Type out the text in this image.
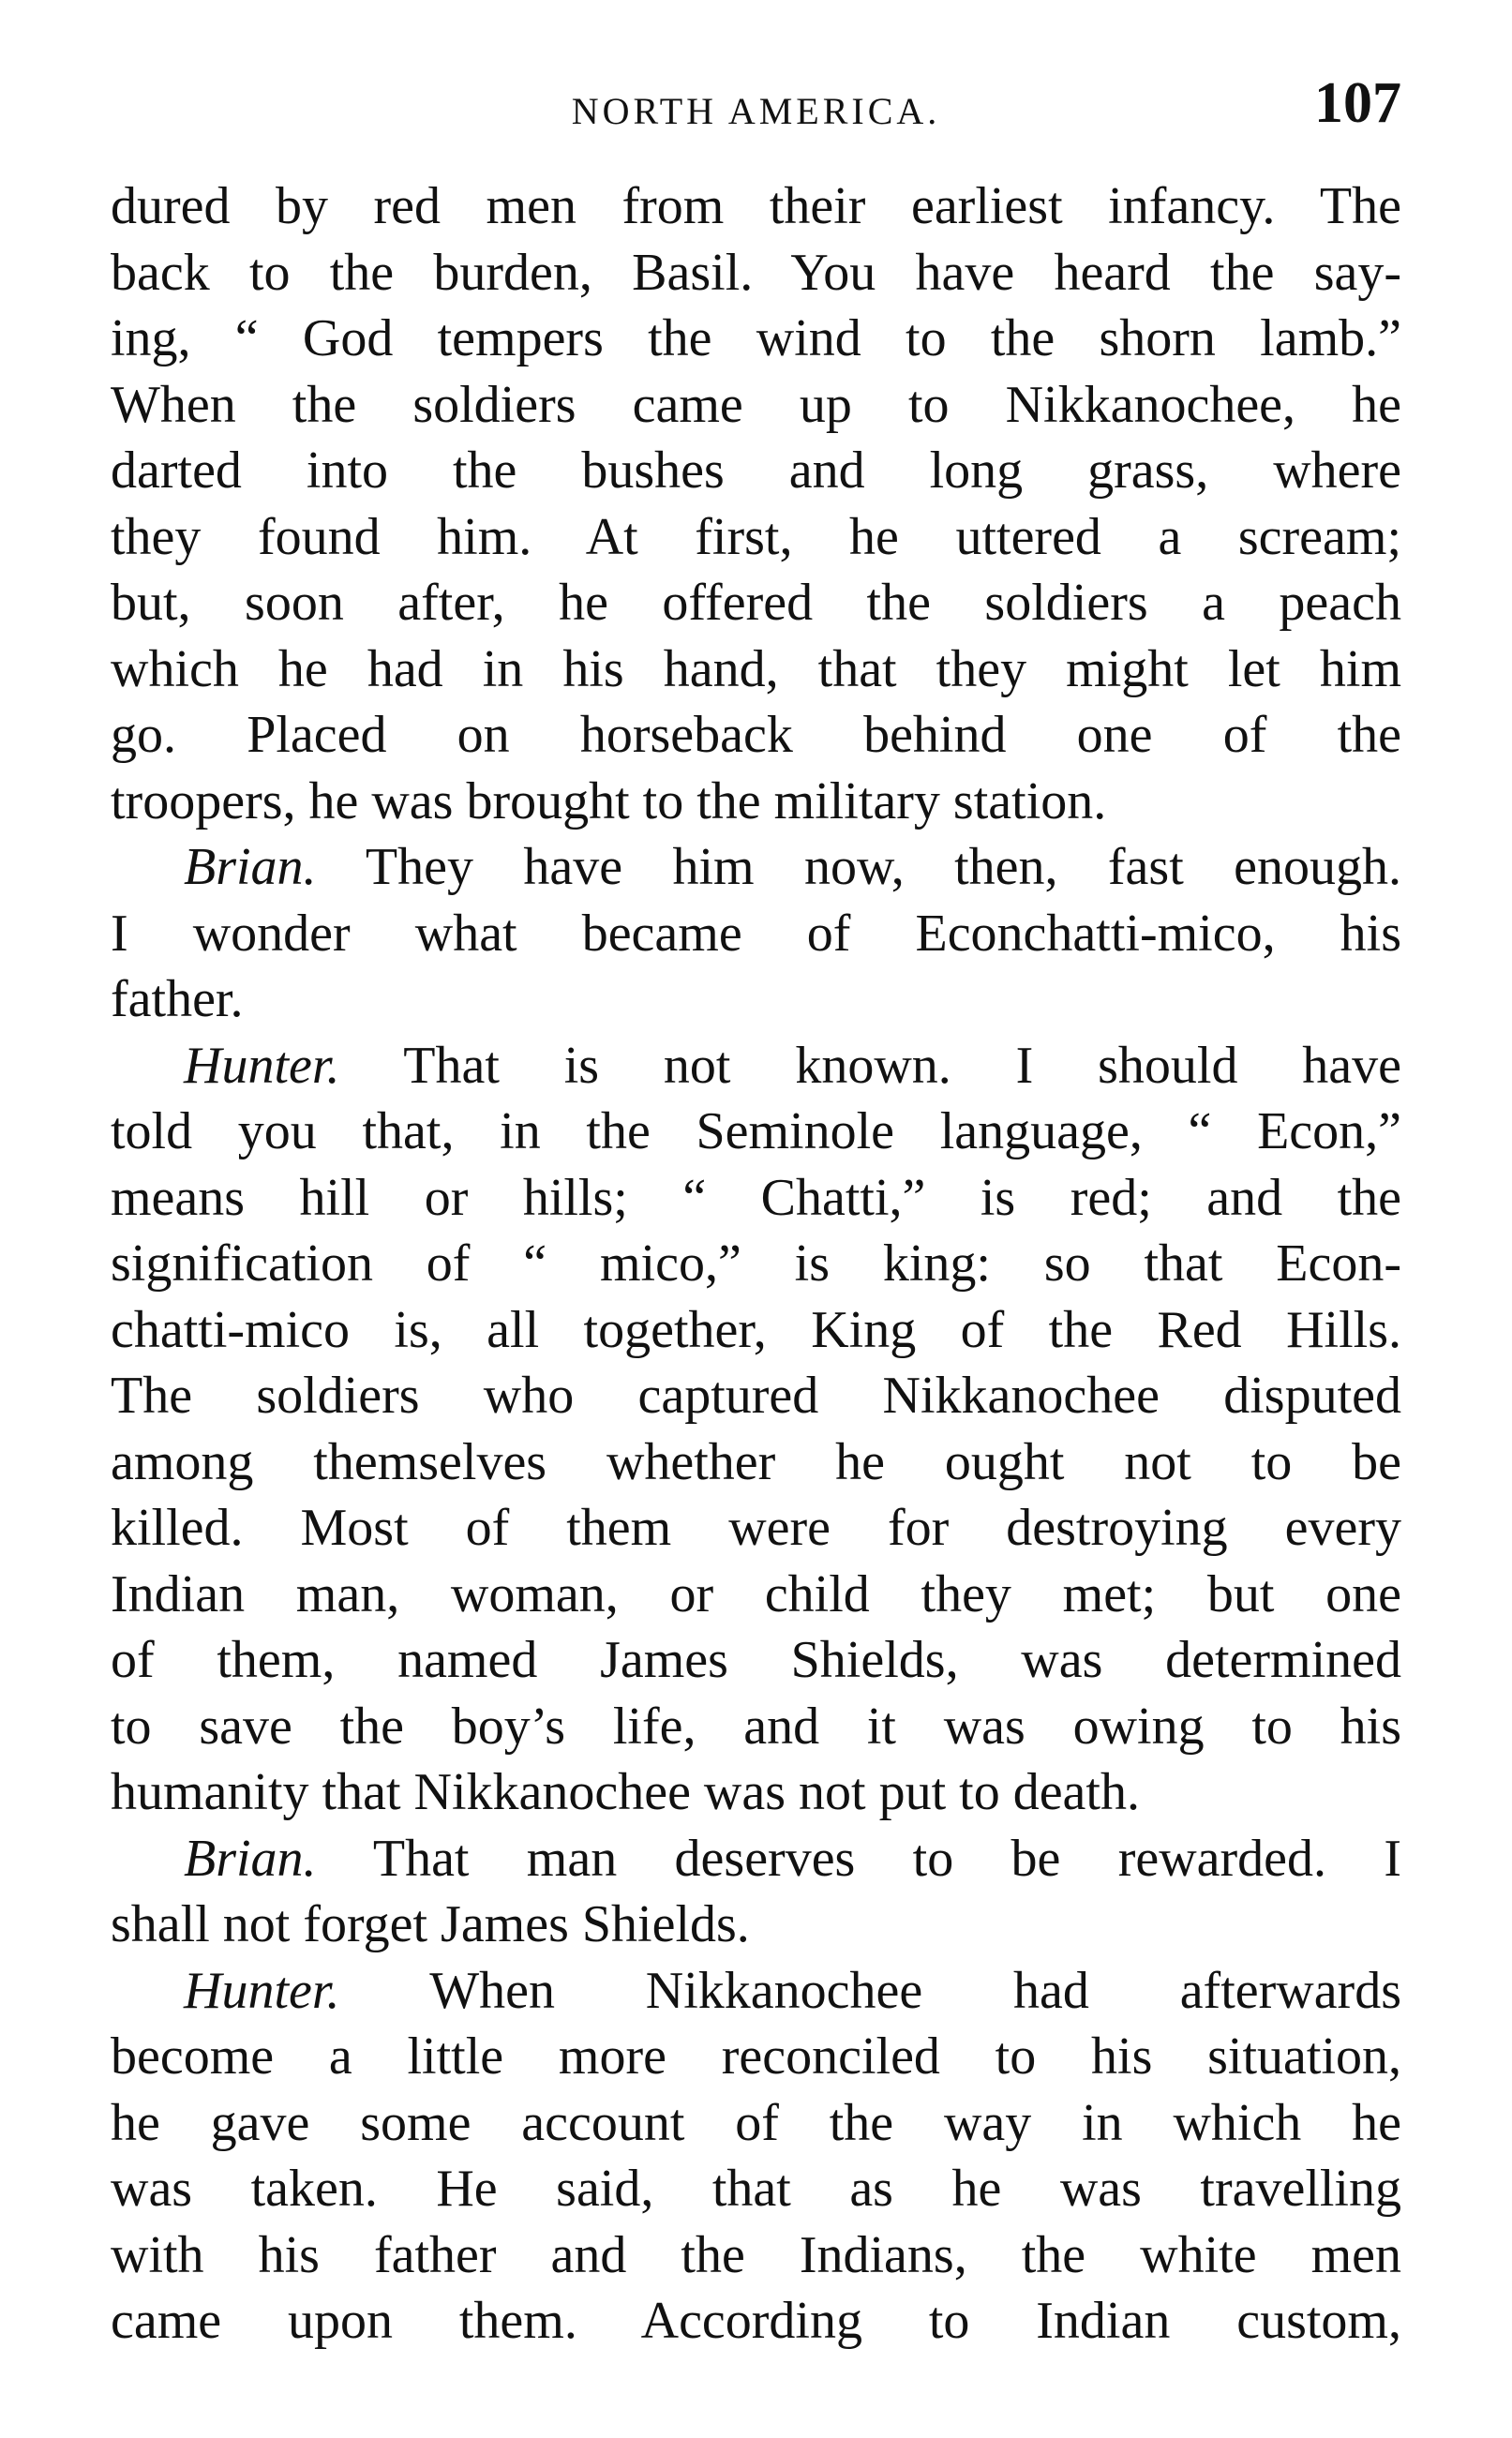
NORTH AMERICA.	107
dured by red men from their earliest infancy. The
back to the burden, Basil. You have heard the say-
ing, “ God tempers the wind to the shorn lamb.”
When the soldiers came up to Nikkanochee, he
darted into the bushes and long grass, where
they found him. At first, he uttered a scream;
but, soon after, he offered the soldiers a peach
which he had in his hand, that they might let him
go. Placed on horseback behind one of the
troopers, he was brought to the military station.
Brian. They have him now, then, fast enough.
I wonder what became of Econchatti-mico, his
father.
Hunter. That is not known. I should have
told you that, in the Seminole language, “ Econ,”
means hill or hills; “ Chatti,” is red; and the
signification of “ mico,” is king: so that Econ-
chatti-mico is, all together, King of the Red Hills.
The soldiers who captured Nikkanochee disputed
among themselves whether he ought not to be
killed. Most of them were for destroying every
Indian man, woman, or child they met; but one
of them, named James Shields, was determined
to save the boy’s life, and it was owing to his
humanity that Nikkanochee was not put to death.
Brian. That man deserves to be rewarded. I
shall not forget James Shields.
Hunter. When Nikkanochee had afterwards
become a little more reconciled to his situation,
he gave some account of the way in which he
was taken. He said, that as he was travelling
with his father and the Indians, the white men
came upon them. According to Indian custom,
